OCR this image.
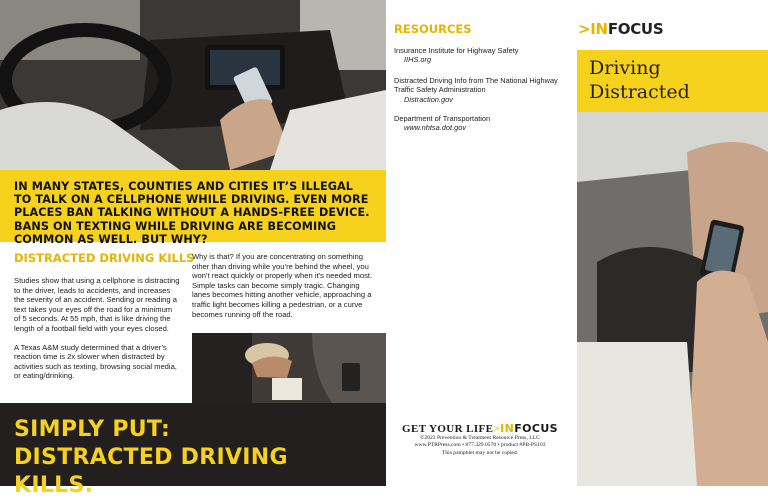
IN MANY STATES, COUNTIES AND CITIES IT’S ILLEGAL TO TALK ON A CELLPHONE WHILE DRIVING. EVEN MORE PLACES BAN TALKING WITHOUT A HANDS-FREE DEVICE. BANS ON TEXTING WHILE DRIVING ARE BECOMING COMMON AS WELL. BUT WHY?

DISTRACTED DRIVING KILLS

Studies show that using a cellphone is distracting to the driver, leads to accidents, and increases the severity of an accident. Sending or reading a text takes your eyes off the road for a minimum of 5 seconds. At 55 mph, that is like driving the length of a football field with your eyes closed.

A Texas A&M study determined that a driver’s reaction time is 2x slower when distracted by activities such as texting, browsing social media, or eating/drinking.

Why is that? If you are concentrating on something other than driving while you’re behind the wheel, you won’t react quickly or properly when it’s needed most. Simple tasks can become simply tragic. Changing lanes becomes hitting another vehicle, approaching a traffic light becomes killing a pedestrian, or a curve becomes running off the road.

SIMPLY PUT:
DISTRACTED DRIVING KILLS.
RESOURCES
Insurance Institute for Highway Safety
IIHS.org
Distracted Driving Info from The National Highway Traffic Safety Administration
Distraction.gov
Department of Transportation
www.nhtsa.dot.gov
GET YOUR LIFE>INFOCUS
©2023 Prevention & Treatment Resource Press, LLC
www.PTRPress.com • 877.329.0570 • product #PB-PS103
This pamphlet may not be copied.
>INFOCUS
Driving
Distracted
